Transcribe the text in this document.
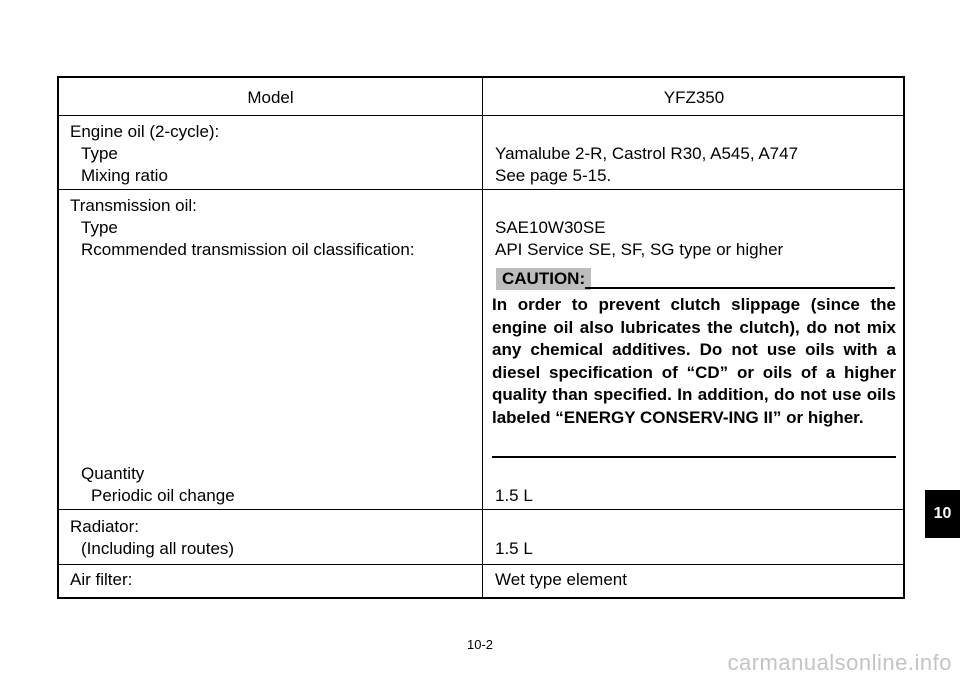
Model	YFZ350
Engine oil (2-cycle):
Type	Yamalube 2-R, Castrol R30, A545, A747
Mixing ratio	See page 5-15.
Transmission oil:
Type	SAE10W30SE
Rcommended transmission oil classification:	API Service SE, SF, SG type or higher
CAUTION:
In order to prevent clutch slippage (since the engine oil also lubricates the clutch), do not mix any chemical additives. Do not use oils with a diesel specification of “CD” or oils of a higher quality than specified. In addition, do not use oils labeled “ENERGY CONSERV-ING II” or higher.
Quantity
Periodic oil change	1.5 L
Radiator:
(Including all routes)	1.5 L
Air filter:	Wet type element
10
10-2
carmanualsonline.info
